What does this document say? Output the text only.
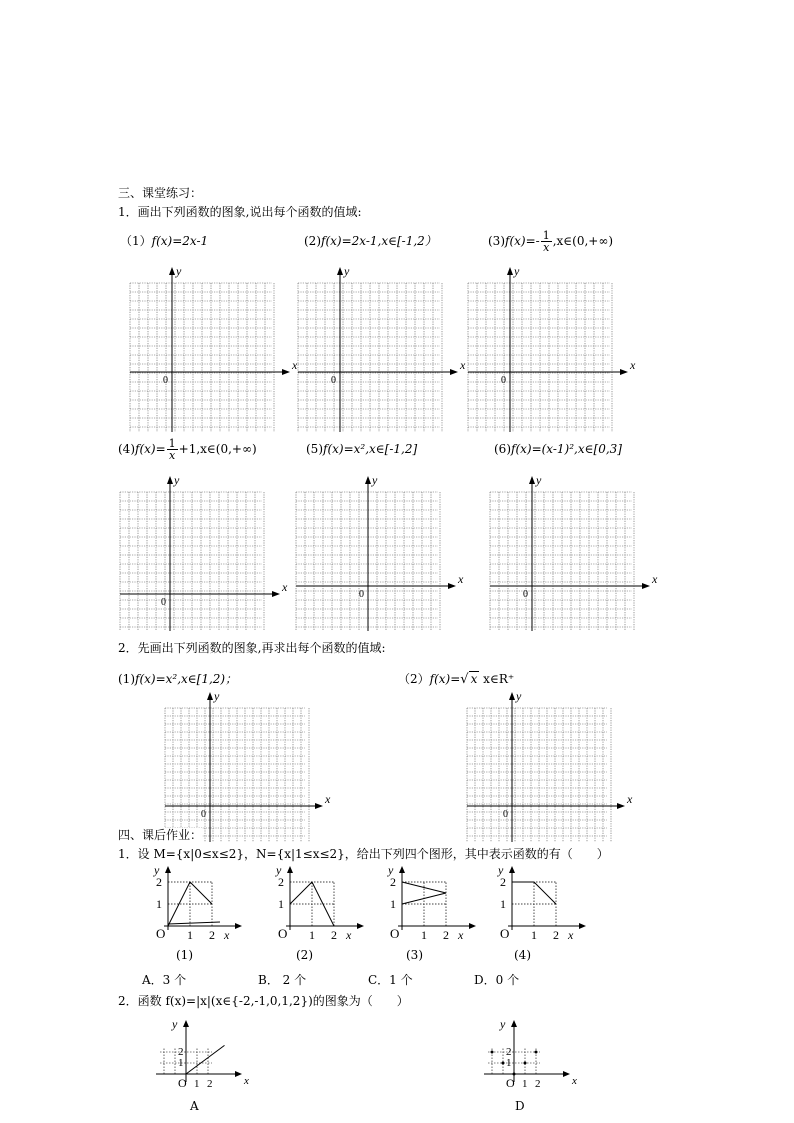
三、课堂练习：
1．画出下列函数的图象,说出每个函数的值域:
（1）f(x)=2x-1	(2)f(x)=2x-1,x∈[-1,2）	$(3)f(x)=- \frac{1}{x}$ ,x∈(0,+∞)
$(4)f(x)= \frac{1}{x}$ +1,x∈(0,+∞)	(5)f(x)=x²,x∈[-1,2]	(6)f(x)=(x-1)²,x∈[0,3]
x
y
0
x
y
0
x
y
0
x
y
0
x
y
0
x
y
0
2．先画出下列函数的图象,再求出每个函数的值域:
(1)f(x)=x²,x∈[1,2)；	（2）f(x)=√ x x∈R⁺
x
y
0
x
y
0
四、课后作业：
1．设 M={x|0≤x≤2}，N={x|1≤x≤2}，给出下列四个图形，其中表示函数的有（　　）
2
1
O 1 2 x
y
2
1
O 1 2 x
y
2
1
O 1 2 x
y
2
1
O 1 2 x
y
(1)	(2)	(3)	(4)
A．3 个	B． 2 个	C．1 个	D．0 个
2．函数 f(x)=|x|(x∈{-2,-1,0,1,2})的图象为（　　）
y
x
O 1 2
2
1
y
x
O 1 2
2
1
A	D
